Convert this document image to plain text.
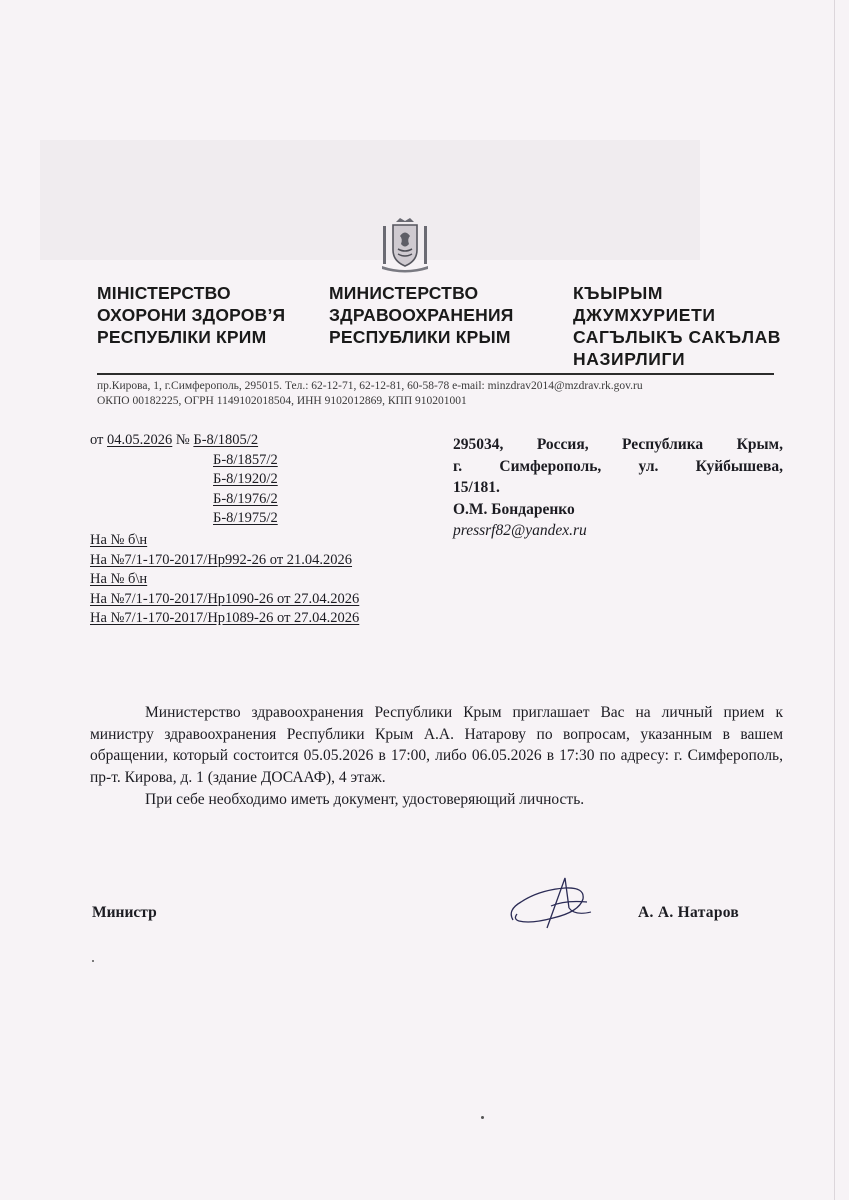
МІНІСТЕРСТВО
ОХОРОНИ ЗДОРОВ’Я
РЕСПУБЛІКИ КРИМ
МИНИСТЕРСТВО
ЗДРАВООХРАНЕНИЯ
РЕСПУБЛИКИ КРЫМ
КЪЫРЫМ
ДЖУМХУРИЕТИ
САГЪЛЫКЪ САКЪЛАВ
НАЗИРЛИГИ
пр.Кирова, 1, г.Симферополь, 295015. Тел.: 62-12-71, 62-12-81, 60-58-78 e-mail: minzdrav2014@mzdrav.rk.gov.ru
ОКПО 00182225, ОГРН 1149102018504, ИНН 9102012869, КПП 910201001
от 04.05.2026 № Б-8/1805/2
Б-8/1857/2
Б-8/1920/2
Б-8/1976/2
Б-8/1975/2
На № б\н
На №7/1-170-2017/Нр992-26 от 21.04.2026
На № б\н
На №7/1-170-2017/Нр1090-26 от 27.04.2026
На №7/1-170-2017/Нр1089-26 от 27.04.2026
295034, Россия, Республика Крым,
г. Симферополь, ул. Куйбышева,
15/181.
О.М. Бондаренко
pressrf82@yandex.ru

Министерство здравоохранения Республики Крым приглашает Вас на личный прием к министру здравоохранения Республики Крым А.А. Натарову по вопросам, указанным в вашем обращении, который состоится 05.05.2026 в 17:00, либо 06.05.2026 в 17:30 по адресу: г. Симферополь, пр-т. Кирова, д. 1 (здание ДОСААФ), 4 этаж.

При себе необходимо иметь документ, удостоверяющий личность.

Министр	А. А. Натаров
